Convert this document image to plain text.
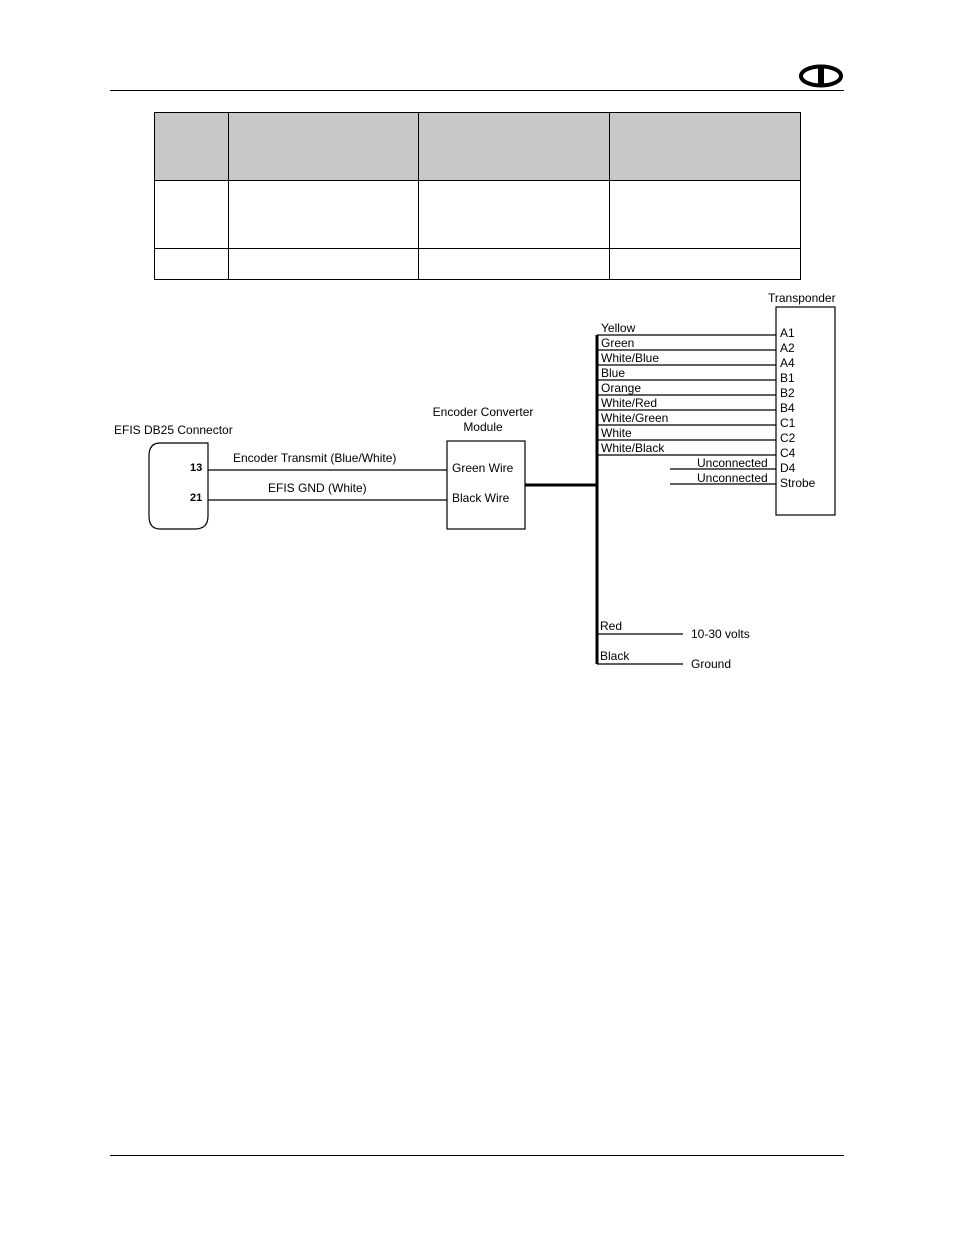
EFIS DB25 Connector
13
21
Encoder Transmit (Blue/White)
EFIS GND (White)
Encoder Converter
Module
Green Wire
Black Wire
Transponder
Yellow
Green
White/Blue
Blue
Orange
White/Red
White/Green
White
White/Black
A1
A2
A4
B1
B2
B4
C1
C2
C4
D4
Strobe
Unconnected
Unconnected
Red
10-30 volts
Black
Ground
